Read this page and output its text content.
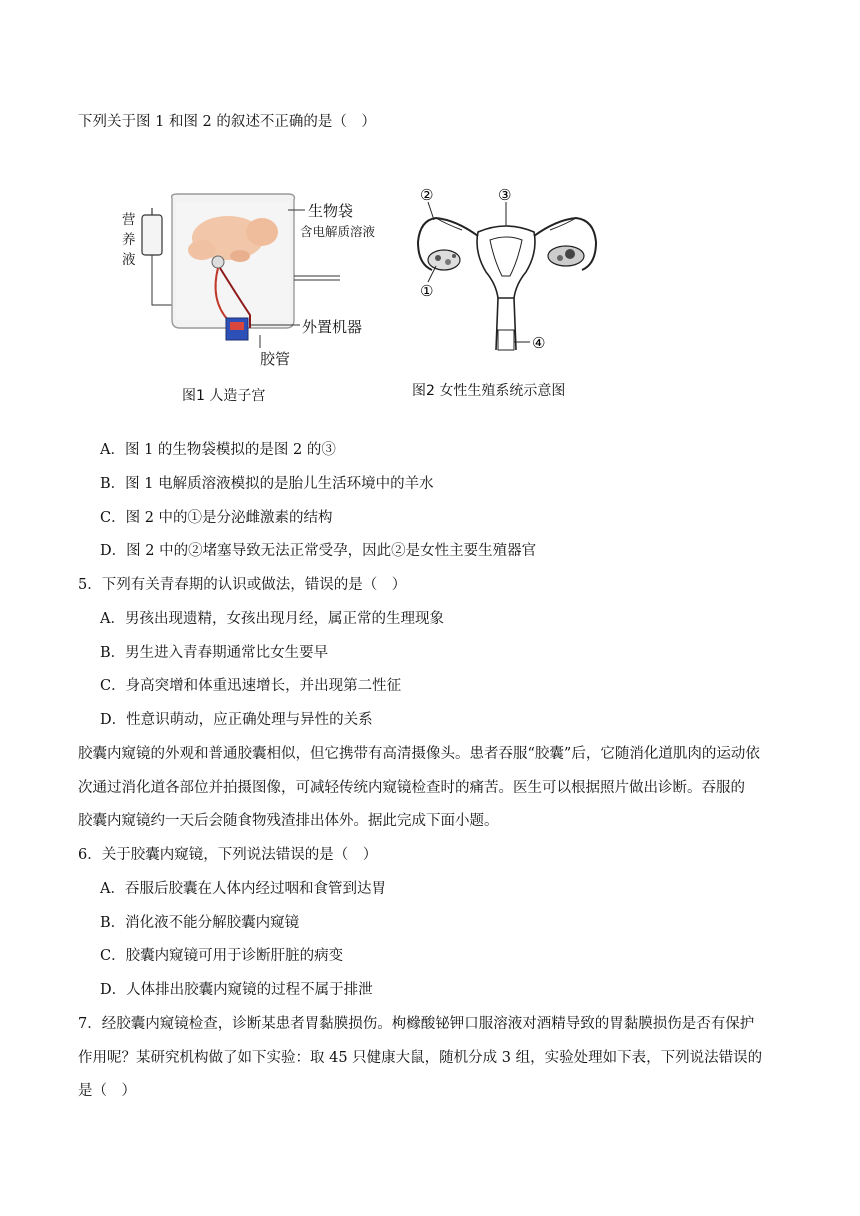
下列关于图 1 和图 2 的叙述不正确的是（　）
营
养
液
生物袋
含电解质溶液
外置机器
胶管
②	③
①
④
图1 人造子宫	图2 女性生殖系统示意图
A．图 1 的生物袋模拟的是图 2 的③
B．图 1 电解质溶液模拟的是胎儿生活环境中的羊水
C．图 2 中的①是分泌雌激素的结构
D．图 2 中的②堵塞导致无法正常受孕，因此②是女性主要生殖器官
5．下列有关青春期的认识或做法，错误的是（　）
A．男孩出现遗精，女孩出现月经，属正常的生理现象
B．男生进入青春期通常比女生要早
C．身高突增和体重迅速增长，并出现第二性征
D．性意识萌动，应正确处理与异性的关系
胶囊内窥镜的外观和普通胶囊相似，但它携带有高清摄像头。患者吞服“胶囊”后，它随消化道肌肉的运动依
次通过消化道各部位并拍摄图像，可减轻传统内窥镜检查时的痛苦。医生可以根据照片做出诊断。吞服的
胶囊内窥镜约一天后会随食物残渣排出体外。据此完成下面小题。
6．关于胶囊内窥镜，下列说法错误的是（　）
A．吞服后胶囊在人体内经过咽和食管到达胃
B．消化液不能分解胶囊内窥镜
C．胶囊内窥镜可用于诊断肝脏的病变
D．人体排出胶囊内窥镜的过程不属于排泄
7．经胶囊内窥镜检查，诊断某患者胃黏膜损伤。枸橼酸铋钾口服溶液对酒精导致的胃黏膜损伤是否有保护
作用呢？某研究机构做了如下实验：取 45 只健康大鼠，随机分成 3 组，实验处理如下表，下列说法错误的
是（　）
